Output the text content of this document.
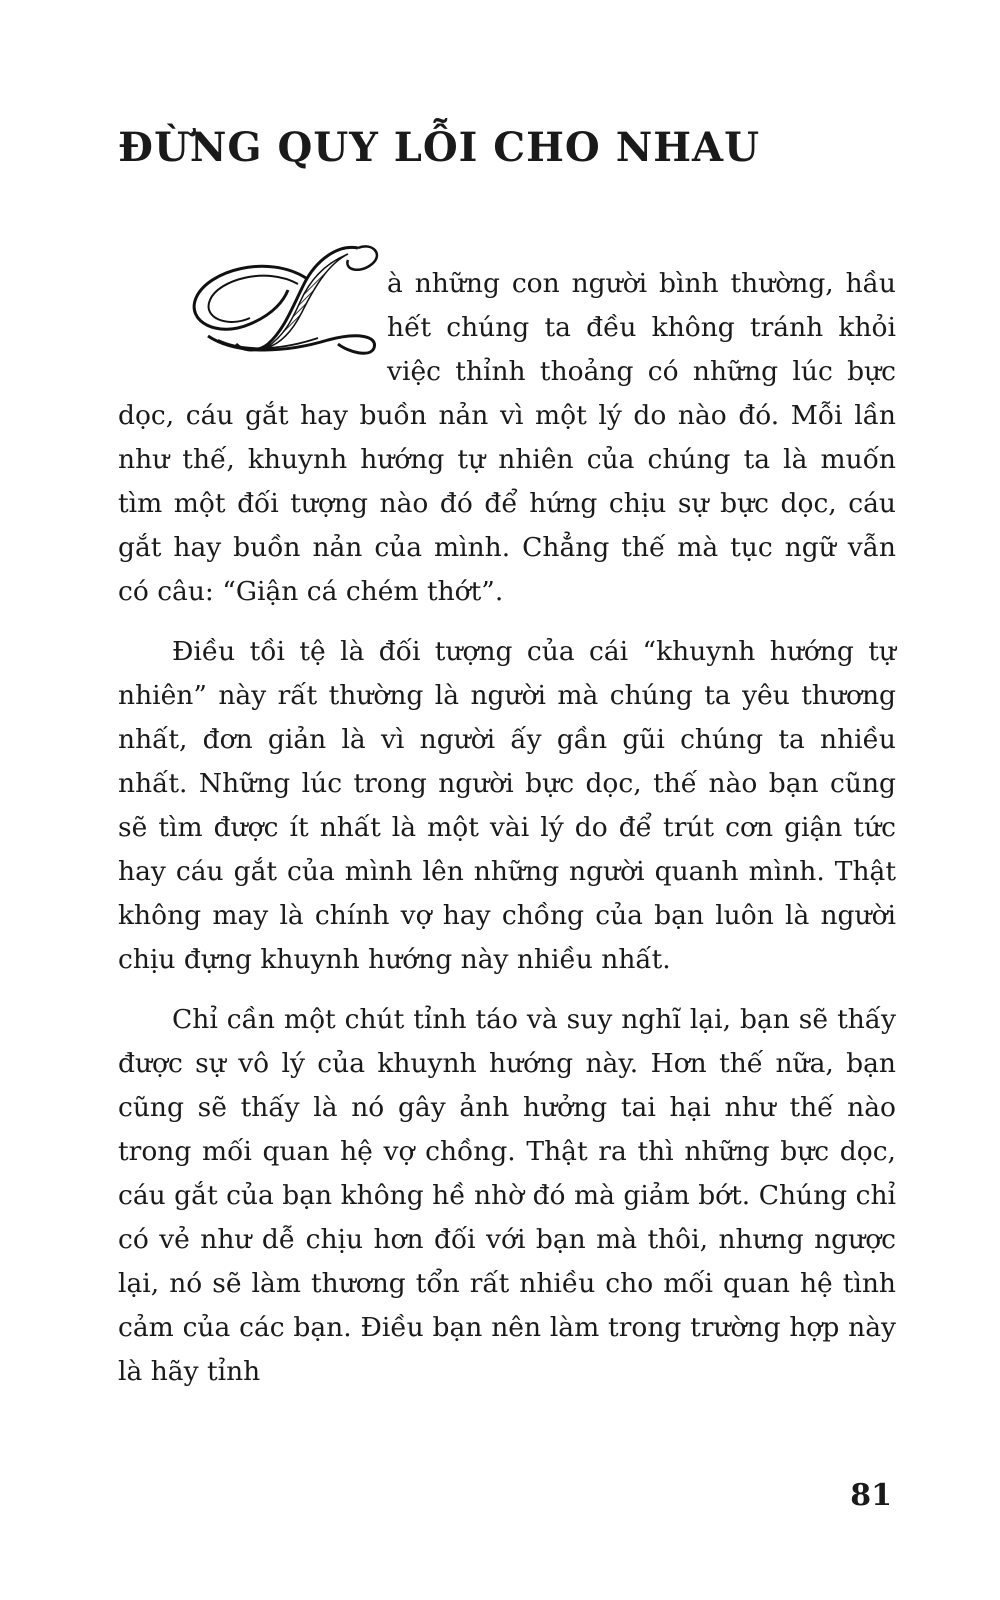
ĐỪNG QUY LỖI CHO NHAU

à những con người bình thường, hầu hết chúng ta đều không tránh khỏi việc thỉnh thoảng có những lúc bực dọc, cáu gắt hay buồn nản vì một lý do nào đó. Mỗi lần như thế, khuynh hướng tự nhiên của chúng ta là muốn tìm một đối tượng nào đó để hứng chịu sự bực dọc, cáu gắt hay buồn nản của mình. Chẳng thế mà tục ngữ vẫn có câu: “Giận cá chém thớt”.

Điều tồi tệ là đối tượng của cái “khuynh hướng tự nhiên” này rất thường là người mà chúng ta yêu thương nhất, đơn giản là vì người ấy gần gũi chúng ta nhiều nhất. Những lúc trong người bực dọc, thế nào bạn cũng sẽ tìm được ít nhất là một vài lý do để trút cơn giận tức hay cáu gắt của mình lên những người quanh mình. Thật không may là chính vợ hay chồng của bạn luôn là người chịu đựng khuynh hướng này nhiều nhất.

Chỉ cần một chút tỉnh táo và suy nghĩ lại, bạn sẽ thấy được sự vô lý của khuynh hướng này. Hơn thế nữa, bạn cũng sẽ thấy là nó gây ảnh hưởng tai hại như thế nào trong mối quan hệ vợ chồng. Thật ra thì những bực dọc, cáu gắt của bạn không hề nhờ đó mà giảm bớt. Chúng chỉ có vẻ như dễ chịu hơn đối với bạn mà thôi, nhưng ngược lại, nó sẽ làm thương tổn rất nhiều cho mối quan hệ tình cảm của các bạn. Điều bạn nên làm trong trường hợp này là hãy tỉnh

81
